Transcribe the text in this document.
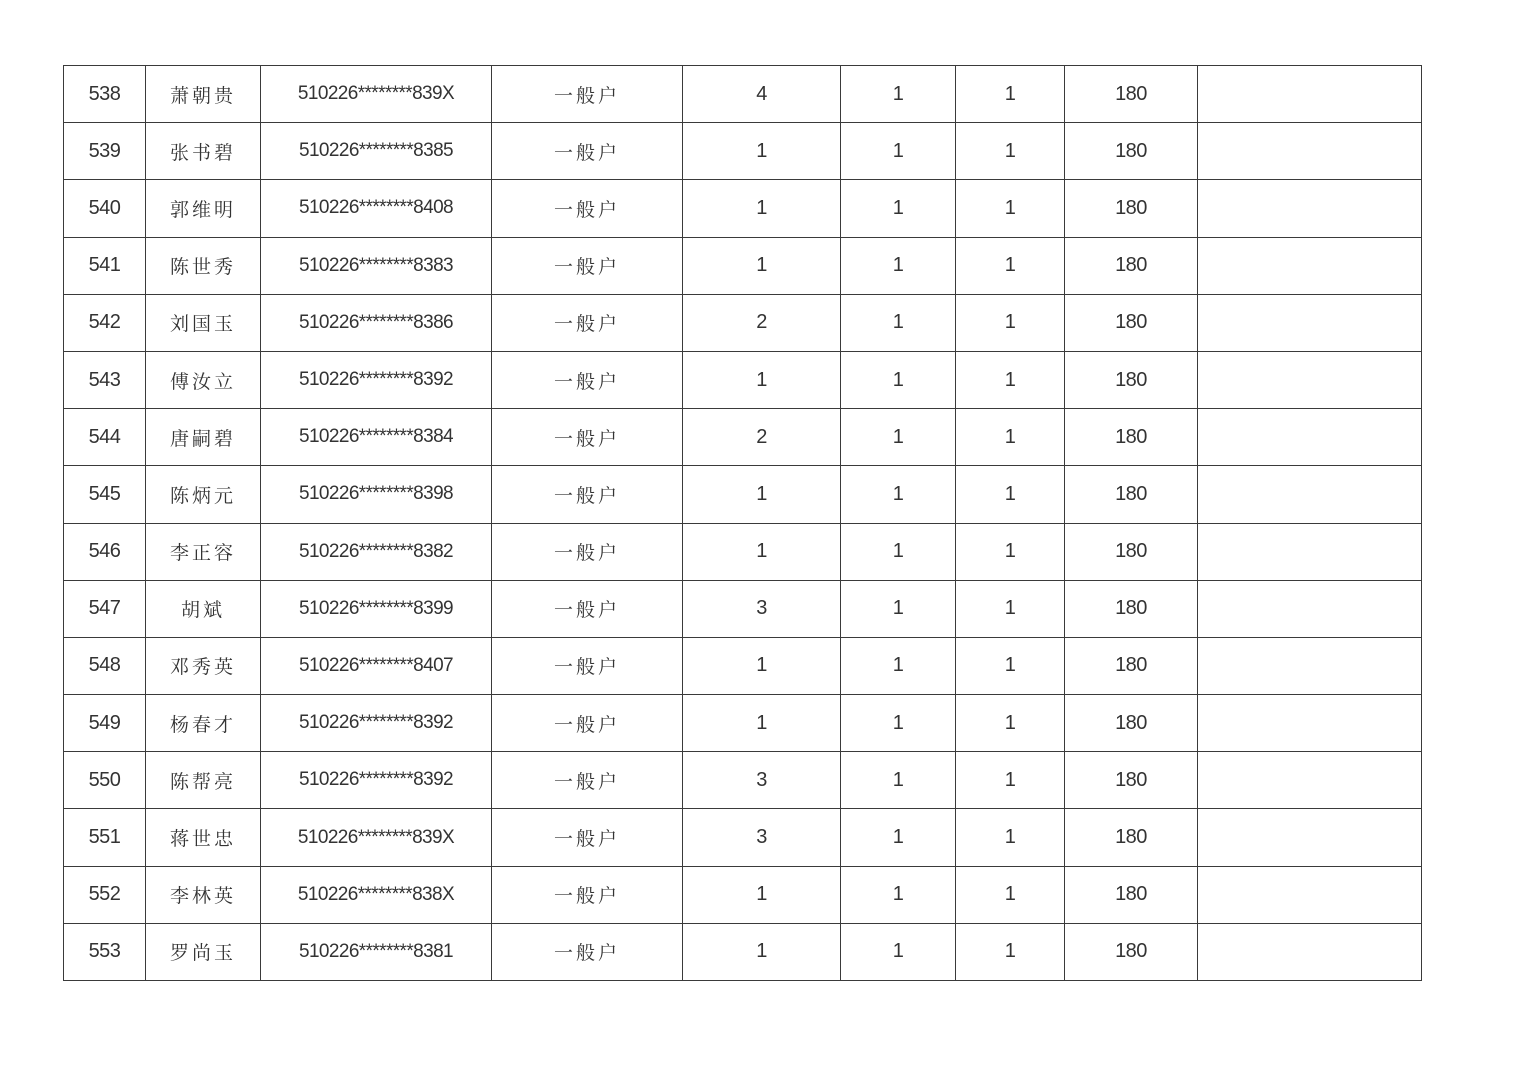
538	萧朝贵	510226********839X	一般户	4	1	1	180	
539	张书碧	510226********8385	一般户	1	1	1	180	
540	郭维明	510226********8408	一般户	1	1	1	180	
541	陈世秀	510226********8383	一般户	1	1	1	180	
542	刘国玉	510226********8386	一般户	2	1	1	180	
543	傅汝立	510226********8392	一般户	1	1	1	180	
544	唐嗣碧	510226********8384	一般户	2	1	1	180	
545	陈炳元	510226********8398	一般户	1	1	1	180	
546	李正容	510226********8382	一般户	1	1	1	180	
547	胡斌	510226********8399	一般户	3	1	1	180	
548	邓秀英	510226********8407	一般户	1	1	1	180	
549	杨春才	510226********8392	一般户	1	1	1	180	
550	陈帮亮	510226********8392	一般户	3	1	1	180	
551	蒋世忠	510226********839X	一般户	3	1	1	180	
552	李林英	510226********838X	一般户	1	1	1	180	
553	罗尚玉	510226********8381	一般户	1	1	1	180	
